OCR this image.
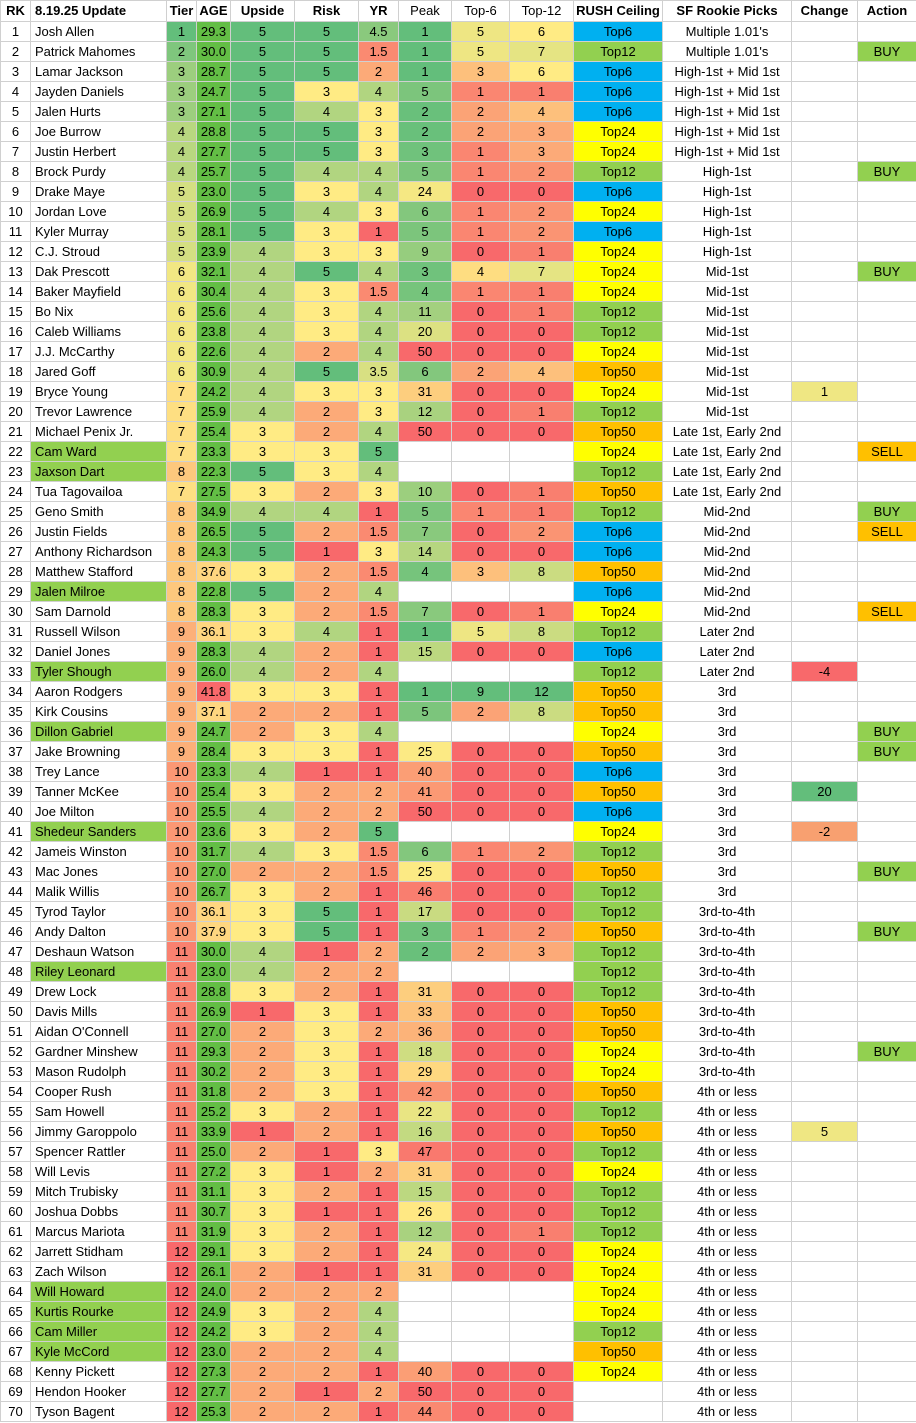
RK	8.19.25 Update	Tier	AGE	Upside	Risk	YR	Peak	Top-6	Top-12	RUSH Ceiling	SF Rookie Picks	Change	Action
1	Josh Allen	1	29.3	5	5	4.5	1	5	6	Top6	Multiple 1.01's		
2	Patrick Mahomes	2	30.0	5	5	1.5	1	5	7	Top12	Multiple 1.01's		BUY
3	Lamar Jackson	3	28.7	5	5	2	1	3	6	Top6	High-1st + Mid 1st		
4	Jayden Daniels	3	24.7	5	3	4	5	1	1	Top6	High-1st + Mid 1st		
5	Jalen Hurts	3	27.1	5	4	3	2	2	4	Top6	High-1st + Mid 1st		
6	Joe Burrow	4	28.8	5	5	3	2	2	3	Top24	High-1st + Mid 1st		
7	Justin Herbert	4	27.7	5	5	3	3	1	3	Top24	High-1st + Mid 1st		
8	Brock Purdy	4	25.7	5	4	4	5	1	2	Top12	High-1st		BUY
9	Drake Maye	5	23.0	5	3	4	24	0	0	Top6	High-1st		
10	Jordan Love	5	26.9	5	4	3	6	1	2	Top24	High-1st		
11	Kyler Murray	5	28.1	5	3	1	5	1	2	Top6	High-1st		
12	C.J. Stroud	5	23.9	4	3	3	9	0	1	Top24	High-1st		
13	Dak Prescott	6	32.1	4	5	4	3	4	7	Top24	Mid-1st		BUY
14	Baker Mayfield	6	30.4	4	3	1.5	4	1	1	Top24	Mid-1st		
15	Bo Nix	6	25.6	4	3	4	11	0	1	Top12	Mid-1st		
16	Caleb Williams	6	23.8	4	3	4	20	0	0	Top12	Mid-1st		
17	J.J. McCarthy	6	22.6	4	2	4	50	0	0	Top24	Mid-1st		
18	Jared Goff	6	30.9	4	5	3.5	6	2	4	Top50	Mid-1st		
19	Bryce Young	7	24.2	4	3	3	31	0	0	Top24	Mid-1st	1	
20	Trevor Lawrence	7	25.9	4	2	3	12	0	1	Top12	Mid-1st		
21	Michael Penix Jr.	7	25.4	3	2	4	50	0	0	Top50	Late 1st, Early 2nd		
22	Cam Ward	7	23.3	3	3	5				Top24	Late 1st, Early 2nd		SELL
23	Jaxson Dart	8	22.3	5	3	4				Top12	Late 1st, Early 2nd		
24	Tua Tagovailoa	7	27.5	3	2	3	10	0	1	Top50	Late 1st, Early 2nd		
25	Geno Smith	8	34.9	4	4	1	5	1	1	Top12	Mid-2nd		BUY
26	Justin Fields	8	26.5	5	2	1.5	7	0	2	Top6	Mid-2nd		SELL
27	Anthony Richardson	8	24.3	5	1	3	14	0	0	Top6	Mid-2nd		
28	Matthew Stafford	8	37.6	3	2	1.5	4	3	8	Top50	Mid-2nd		
29	Jalen Milroe	8	22.8	5	2	4				Top6	Mid-2nd		
30	Sam Darnold	8	28.3	3	2	1.5	7	0	1	Top24	Mid-2nd		SELL
31	Russell Wilson	9	36.1	3	4	1	1	5	8	Top12	Later 2nd		
32	Daniel Jones	9	28.3	4	2	1	15	0	0	Top6	Later 2nd		
33	Tyler Shough	9	26.0	4	2	4				Top12	Later 2nd	-4	
34	Aaron Rodgers	9	41.8	3	3	1	1	9	12	Top50	3rd		
35	Kirk Cousins	9	37.1	2	2	1	5	2	8	Top50	3rd		
36	Dillon Gabriel	9	24.7	2	3	4				Top24	3rd		BUY
37	Jake Browning	9	28.4	3	3	1	25	0	0	Top50	3rd		BUY
38	Trey Lance	10	23.3	4	1	1	40	0	0	Top6	3rd		
39	Tanner McKee	10	25.4	3	2	2	41	0	0	Top50	3rd	20	
40	Joe Milton	10	25.5	4	2	2	50	0	0	Top6	3rd		
41	Shedeur Sanders	10	23.6	3	2	5				Top24	3rd	-2	
42	Jameis Winston	10	31.7	4	3	1.5	6	1	2	Top12	3rd		
43	Mac Jones	10	27.0	2	2	1.5	25	0	0	Top50	3rd		BUY
44	Malik Willis	10	26.7	3	2	1	46	0	0	Top12	3rd		
45	Tyrod Taylor	10	36.1	3	5	1	17	0	0	Top12	3rd-to-4th		
46	Andy Dalton	10	37.9	3	5	1	3	1	2	Top50	3rd-to-4th		BUY
47	Deshaun Watson	11	30.0	4	1	2	2	2	3	Top12	3rd-to-4th		
48	Riley Leonard	11	23.0	4	2	2				Top12	3rd-to-4th		
49	Drew Lock	11	28.8	3	2	1	31	0	0	Top12	3rd-to-4th		
50	Davis Mills	11	26.9	1	3	1	33	0	0	Top50	3rd-to-4th		
51	Aidan O'Connell	11	27.0	2	3	2	36	0	0	Top50	3rd-to-4th		
52	Gardner Minshew	11	29.3	2	3	1	18	0	0	Top24	3rd-to-4th		BUY
53	Mason Rudolph	11	30.2	2	3	1	29	0	0	Top24	3rd-to-4th		
54	Cooper Rush	11	31.8	2	3	1	42	0	0	Top50	4th or less		
55	Sam Howell	11	25.2	3	2	1	22	0	0	Top12	4th or less		
56	Jimmy Garoppolo	11	33.9	1	2	1	16	0	0	Top50	4th or less	5	
57	Spencer Rattler	11	25.0	2	1	3	47	0	0	Top12	4th or less		
58	Will Levis	11	27.2	3	1	2	31	0	0	Top24	4th or less		
59	Mitch Trubisky	11	31.1	3	2	1	15	0	0	Top12	4th or less		
60	Joshua Dobbs	11	30.7	3	1	1	26	0	0	Top12	4th or less		
61	Marcus Mariota	11	31.9	3	2	1	12	0	1	Top12	4th or less		
62	Jarrett Stidham	12	29.1	3	2	1	24	0	0	Top24	4th or less		
63	Zach Wilson	12	26.1	2	1	1	31	0	0	Top24	4th or less		
64	Will Howard	12	24.0	2	2	2				Top24	4th or less		
65	Kurtis Rourke	12	24.9	3	2	4				Top24	4th or less		
66	Cam Miller	12	24.2	3	2	4				Top12	4th or less		
67	Kyle McCord	12	23.0	2	2	4				Top50	4th or less		
68	Kenny Pickett	12	27.3	2	2	1	40	0	0	Top24	4th or less		
69	Hendon Hooker	12	27.7	2	1	2	50	0	0		4th or less		
70	Tyson Bagent	12	25.3	2	2	1	44	0	0		4th or less		
